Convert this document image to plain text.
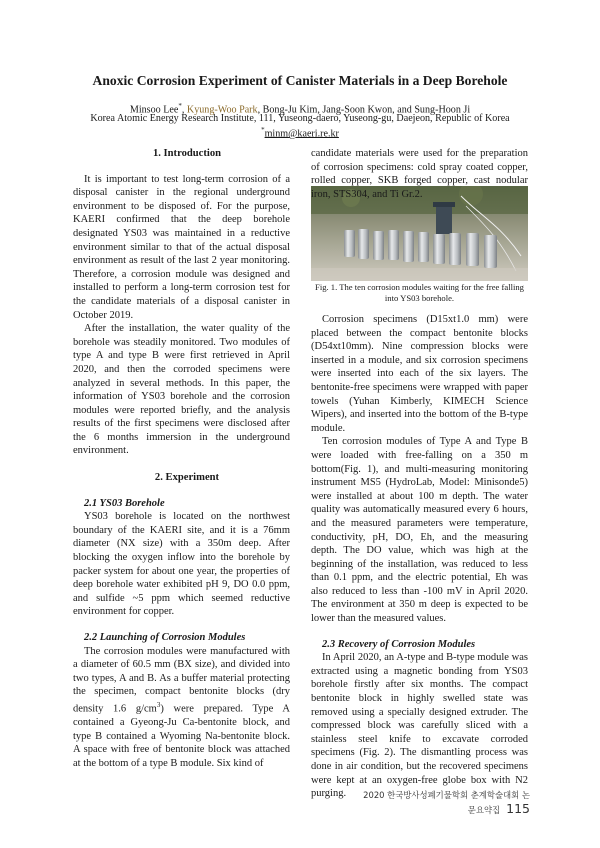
Anoxic Corrosion Experiment of Canister Materials in a Deep Borehole
Minsoo Lee*, Kyung-Woo Park, Bong-Ju Kim, Jang-Soon Kwon, and Sung-Hoon Ji
Korea Atomic Energy Research Institute, 111, Yuseong-daero, Yuseong-gu, Daejeon, Republic of Korea
*minm@kaeri.re.kr

1. Introduction

It is important to test long-term corrosion of a disposal canister in the regional underground environment to be disposed of. For the purpose, KAERI confirmed that the deep borehole designated YS03 was maintained in a reductive environment similar to that of the actual disposal environment as result of the last 2 year monitoring. Therefore, a corrosion module was designed and installed to perform a long-term corrosion test for the candidate materials of a disposal canister in October 2019.

After the installation, the water quality of the borehole was steadily monitored. Two modules of type A and type B were first retrieved in April 2020, and then the corroded specimens were analyzed in several methods. In this paper, the information of YS03 borehole and the corrosion modules were reported briefly, and the analysis results of the first specimens were disclosed after the 6 months immersion in the underground environment.

2. Experiment

2.1 YS03 Borehole

YS03 borehole is located on the northwest boundary of the KAERI site, and it is a 76mm diameter (NX size) with a 350m deep. After blocking the oxygen inflow into the borehole by packer system for about one year, the properties of deep borehole water exhibited pH 9, DO 0.0 ppm, and sulfide ~5 ppm which seemed reductive environment for copper.

2.2 Launching of Corrosion Modules

The corrosion modules were manufactured with a diameter of 60.5 mm (BX size), and divided into two types, A and B. As a buffer material protecting the specimen, compact bentonite blocks (dry density 1.6 $g/cm^3$) were prepared. Type A contained a Gyeong-Ju Ca-bentonite block, and type B contained a Wyoming Na-bentonite block. A space with free of bentonite block was attached at the bottom of a type B module. Six kind of

Fig. 1. The ten corrosion modules waiting for the free falling into YS03 borehole.

Corrosion specimens (D15xt1.0 mm) were placed between the compact bentonite blocks (D54xt10mm). Nine compression blocks were inserted in a module, and six corrosion specimens were inserted into each of the six layers. The bentonite-free specimens were wrapped with paper towels (Yuhan Kimberly, KIMECH Science Wipers), and inserted into the bottom of the B-type module.

Ten corrosion modules of Type A and Type B were loaded with free-falling on a 350 m bottom(Fig. 1), and multi-measuring monitoring instrument MS5 (HydroLab, Model: Minisonde5) were installed at about 100 m depth. The water quality was automatically measured every 6 hours, and the measured parameters were temperature, conductivity, pH, DO, Eh, and the measuring depth. The DO value, which was high at the beginning of the installation, was reduced to less than 0.1 ppm, and the electric potential, Eh was also reduced to less than -100 mV in April 2020. The environment at 350 m deep is expected to be lower than the measured values.

2.3 Recovery of Corrosion Modules

In April 2020, an A-type and B-type module was extracted using a magnetic bonding from YS03 borehole firstly after six months. The compact bentonite block in highly swelled state was removed using a specially designed extruder. The compressed block was carefully sliced with a stainless steel knife to excavate corroded specimens (Fig. 2). The dismantling process was done in air condition, but the recovered specimens were kept at an oxygen-free globe box with N2 purging.	2020 한국방사성폐기물학회 춘계학술대회 논문요약집 115
candidate materials were used for the preparation of corrosion specimens: cold spray coated copper, rolled copper, SKB forged copper, cast nodular iron, STS304, and Ti Gr.2.
